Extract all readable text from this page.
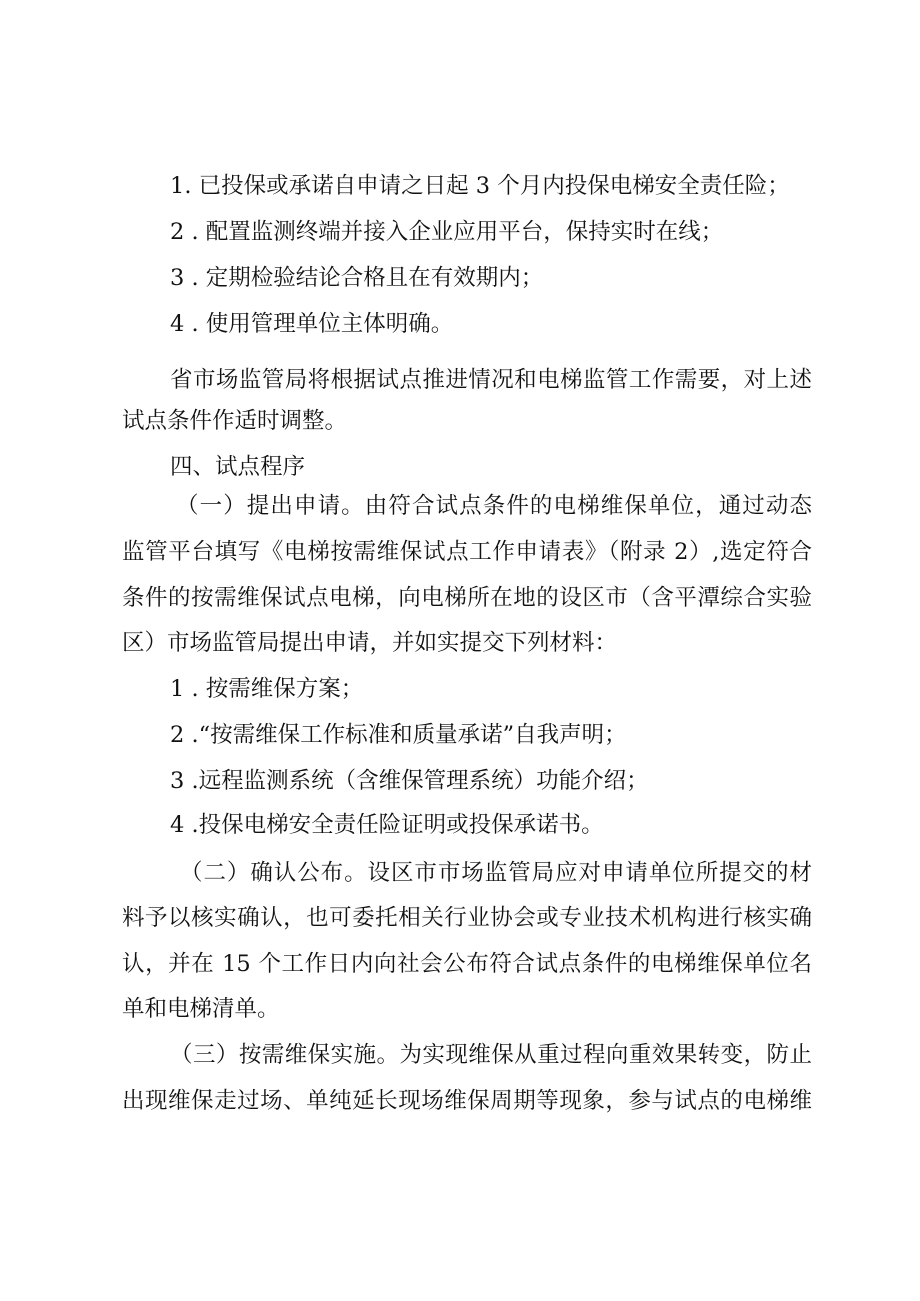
1. 已投保或承诺自申请之日起 3 个月内投保电梯安全责任险；
2 . 配置监测终端并接入企业应用平台，保持实时在线；
3 . 定期检验结论合格且在有效期内；
4 . 使用管理单位主体明确。
省市场监管局将根据试点推进情况和电梯监管工作需要，对上述
试点条件作适时调整。
四、试点程序
（一）提出申请。由符合试点条件的电梯维保单位，通过动态
监管平台填写《电梯按需维保试点工作申请表》（附录 2）,选定符合
条件的按需维保试点电梯，向电梯所在地的设区市（含平潭综合实验
区）市场监管局提出申请，并如实提交下列材料：
1 . 按需维保方案；
2 .“按需维保工作标准和质量承诺”自我声明；
3 .远程监测系统（含维保管理系统）功能介绍；
4 .投保电梯安全责任险证明或投保承诺书。
（二）确认公布。设区市市场监管局应对申请单位所提交的材
料予以核实确认，也可委托相关行业协会或专业技术机构进行核实确
认，并在 15 个工作日内向社会公布符合试点条件的电梯维保单位名
单和电梯清单。
（三）按需维保实施。为实现维保从重过程向重效果转变，防止
出现维保走过场、单纯延长现场维保周期等现象，参与试点的电梯维
